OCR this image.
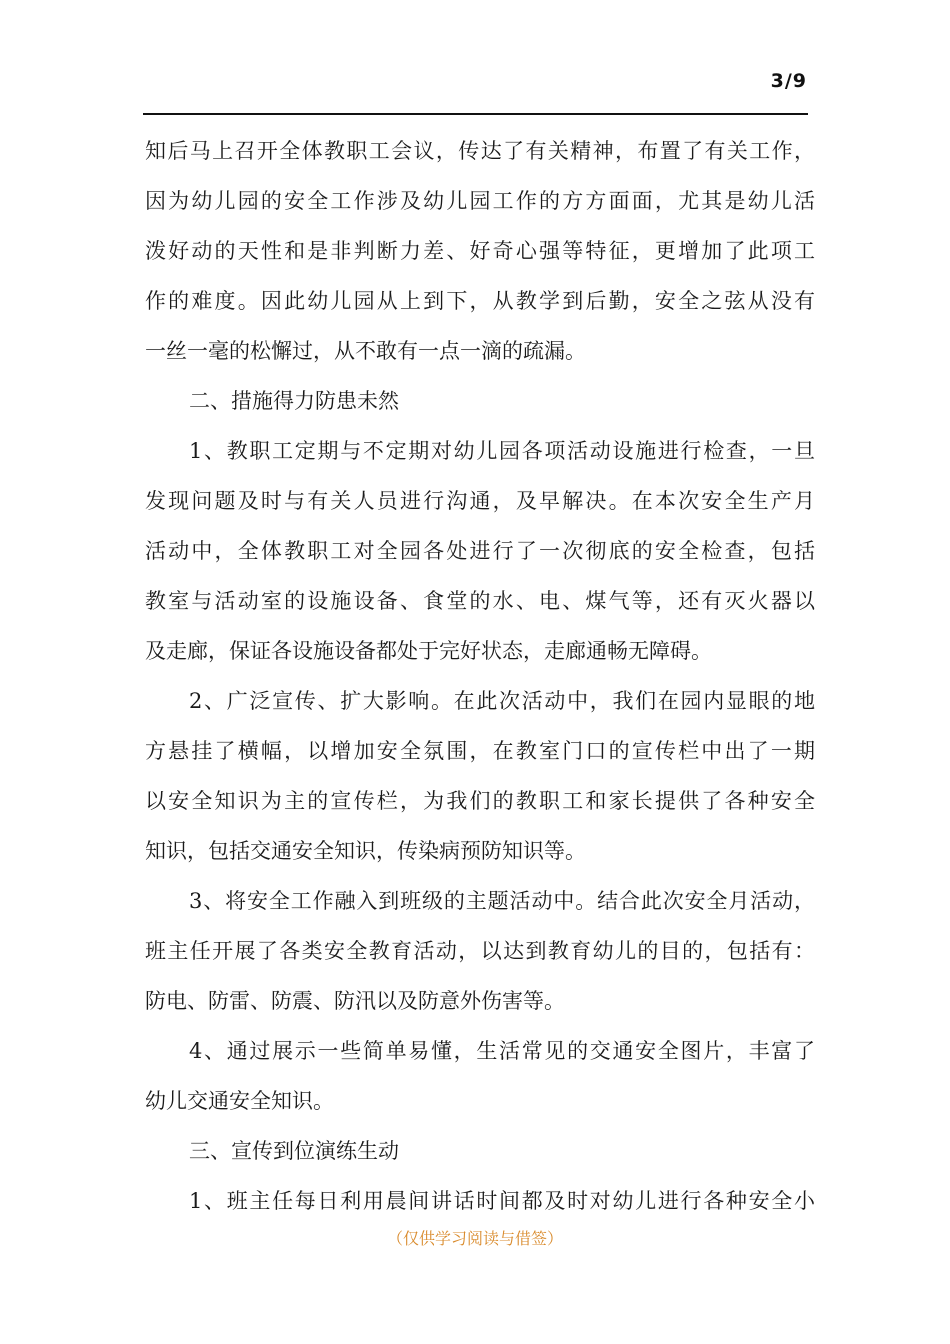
3/9
知后马上召开全体教职工会议，传达了有关精神，布置了有关工作，
因为幼儿园的安全工作涉及幼儿园工作的方方面面，尤其是幼儿活
泼好动的天性和是非判断力差、好奇心强等特征，更增加了此项工
作的难度。因此幼儿园从上到下，从教学到后勤，安全之弦从没有
一丝一毫的松懈过，从不敢有一点一滴的疏漏。
二、措施得力防患未然
1、教职工定期与不定期对幼儿园各项活动设施进行检查，一旦
发现问题及时与有关人员进行沟通，及早解决。在本次安全生产月
活动中，全体教职工对全园各处进行了一次彻底的安全检查，包括
教室与活动室的设施设备、食堂的水、电、煤气等，还有灭火器以
及走廊，保证各设施设备都处于完好状态，走廊通畅无障碍。
2、广泛宣传、扩大影响。在此次活动中，我们在园内显眼的地
方悬挂了横幅，以增加安全氛围，在教室门口的宣传栏中出了一期
以安全知识为主的宣传栏，为我们的教职工和家长提供了各种安全
知识，包括交通安全知识，传染病预防知识等。
3、将安全工作融入到班级的主题活动中。结合此次安全月活动，
班主任开展了各类安全教育活动，以达到教育幼儿的目的，包括有：
防电、防雷、防震、防汛以及防意外伤害等。
4、通过展示一些简单易懂，生活常见的交通安全图片，丰富了
幼儿交通安全知识。
三、宣传到位演练生动
1、班主任每日利用晨间讲话时间都及时对幼儿进行各种安全小
（仅供学习阅读与借签）
